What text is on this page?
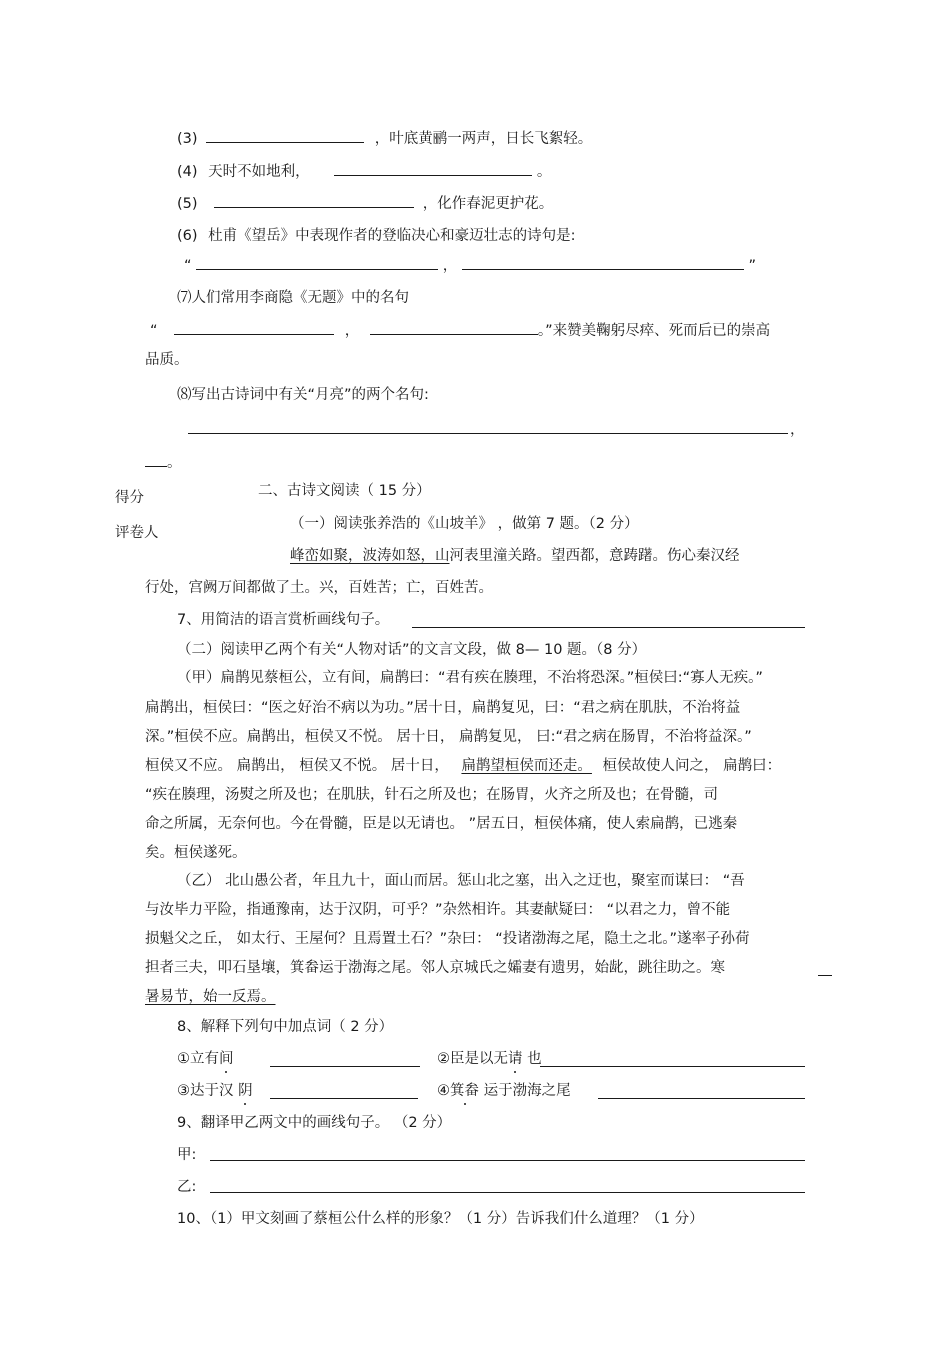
(3)	，叶底黄鹂一两声，日长飞絮轻。
(4) 天时不如地利，	。
(5)	，化作春泥更护花。
(6) 杜甫《望岳》中表现作者的登临决心和豪迈壮志的诗句是:
“	，	”
⑺人们常用李商隐《无题》中的名句
“	，	。”来赞美鞠躬尽瘁、死而后已的崇高
品质。
⑻写出古诗词中有关“月亮”的两个名句:
，
。
得分
评卷人
二、古诗文阅读（ 15 分）
（一）阅读张养浩的《山坡羊》 ，做第 7 题。（2 分）
峰峦如聚，波涛如怒，山河表里潼关路。望西都，意踌躇。伤心秦汉经
行处，宫阙万间都做了土。兴，百姓苦；亡，百姓苦。
7、用简洁的语言赏析画线句子。
（二）阅读甲乙两个有关“人物对话”的文言文段，做 8— 10 题。（8 分）
（甲）扁鹊见蔡桓公，立有间，扁鹊曰：“君有疾在腠理，不治将恐深。”桓侯曰:“寡人无疾。”
扁鹊出，桓侯曰：“医之好治不病以为功。”居十日，扁鹊复见，曰：“君之病在肌肤，不治将益
深。”桓侯不应。扁鹊出，桓侯又不悦。 居十日， 扁鹊复见， 曰:“君之病在肠胃，不治将益深。”
桓侯又不应。 扁鹊出， 桓侯又不悦。 居十日， 扁鹊望桓侯而还走。 桓侯故使人问之， 扁鹊曰：
“疾在腠理，汤熨之所及也；在肌肤，针石之所及也；在肠胃，火齐之所及也；在骨髓，司
命之所属，无奈何也。今在骨髓，臣是以无请也。 ”居五日，桓侯体痛，使人索扁鹊，已逃秦
矣。桓侯遂死。
（乙） 北山愚公者，年且九十，面山而居。惩山北之塞，出入之迂也，聚室而谋曰： “吾
与汝毕力平险，指通豫南，达于汉阴，可乎？”杂然相许。其妻献疑曰： “以君之力，曾不能
损魁父之丘， 如太行、王屋何？且焉置土石？”杂曰： “投诸渤海之尾，隐土之北。”遂率子孙荷
担者三夫，叩石垦壤，箕畚运于渤海之尾。邻人京城氏之孀妻有遗男，始龀，跳往助之。寒
暑易节，始一反焉。
8、解释下列句中加点词（ 2 分）
①立有间	②臣是以无请 也
③达于汉 阴	④箕畚 运于渤海之尾
9、翻译甲乙两文中的画线句子。 （2 分）
甲:
乙:
10、（1）甲文刻画了蔡桓公什么样的形象？（1 分）告诉我们什么道理？（1 分）
